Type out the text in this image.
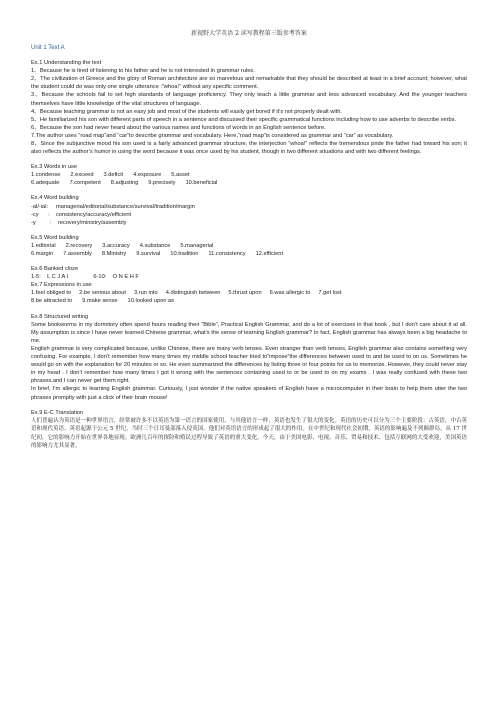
新视野大学英语 2 读写教程第三版参考答案
Unit 1 Text A
Ex.1 Understanding the text

1、Because he is tired of listening to his father and he is not interested in grammar rules.

2、The civilization of Greece and the glory of Roman architecture are so marvelous and remarkable that they should be described at least in a brief account; however, what the student could do was only one single utterance :“whoa!” without any specific comment.

3、Because the schools fail to set high standards of language proficiency. They only teach a little grammar and less advanced vocabulary. And the younger teachers themselves have little knowledge of the vital structures of language.

4、Because teaching grammar is not an easy job and most of the students will easily get bored if it’s not properly dealt with.

5、He familiarized his son with different parts of speech in a sentence and discussed their specific grammatical functions including how to use adverbs to describe verbs.

6、Because the son had never heard about the various names and functions of words in an English sentence before.

7.The author uses “road map”and “car”to describe grammar and vocabulary. Here,“road map”is considered as grammar and “car” as vocabulary.

8、Since the subjunctive mood his son used is a fairly advanced grammar structure, the interjection “whoa!” reflects the tremendous pride the father had toward his son; it also reflects the author’s humor in using the word because it was once used by his student, though in two different situations and with two different feelings.

Ex.3 Words in use
1.condense 2.exceed 3.deficit 4.exposure 5.asset
6.adequate 7.competent 8.adjusting 9.precisely 10.beneficial
Ex.4 Word building
-al/-ial:     managerial/editorial/substance/survival/tradition/margin
-cy      :    consistency/accuracy/efficient
-y         :    recovery/ministry/assembly
Ex.5 Word building
1.editorial 2.recovery 3.accuracy 4.substance 5.managerial
6.margin 7.assembly 8.Ministry 9.survival 10.tradition 11.consistency 12.efficient
Ex.6 Banked cloze
1-5:    L C J A I                6-10:    O N E H F
Ex.7 Expressions in use
1.feel obliged to 2.be serious about 3.run into 4.distinguish between 5.thrust upon 6.was allergic to 7.get lost
8.be attracted to 9.make sense 10.looked upon as
Ex.8 Structured writing

Some bookworms in my dormitory often spend hours reading their “Bible”, Practical English Grammar, and do a lot of exercises in that book , but I don’t care about it at all. My assumption is since I have never learned Chinese grammar, what’s the sense of learning English grammar? In fact, English grammar has always been a big headache to me.

English grammar is very complicated because, unlike Chinese, there are many verb tenses. Even stranger than verb tenses, English grammar also contains something very confusing. For example, I don’t remember how many times my middle school teacher tried to“impose”the differences between used to and be used to on us. Sometimes he would go on with the explanation for 20 minutes or so. He even summarized the differences by listing three or four points for us to memorize. However, they could never stay in my head . I don’t remember how many times I got it wrong with the sentences containing used to or be used to on my exams . I was really confused with these two phrases,and I can never get them right.

In brief, I’m allergic to learning English grammar. Curiously, I just wonder if the native speakers of English have a microcomputer in their brain to help them utter the two phrases promptly with just a click of their brain mouse!

Ex.9 E-C Translation

人们普遍认为英语是一种世界语言，经常被许多不以英语为第一语言的国家使用。与其他语言一样，英语也发生了很大的变化。英语的历史可以分为三个主要阶段：古英语，中古英语和现代英语。英语起源于公元 5 世纪，当时三个日耳曼部落入侵英国，他们对英语语言的形成起了很大的作用。在中世纪和现代社会初期，英语的影响遍及不列颠群岛。从 17 世纪初，它的影响力开始在世界各地显现。欧洲几百年的探险和殖民过程导致了英语的重大变化。今天，由于美国电影、电视、音乐、贸易和技术、包括互联网的大受欢迎，美国英语的影响力尤其显著。
